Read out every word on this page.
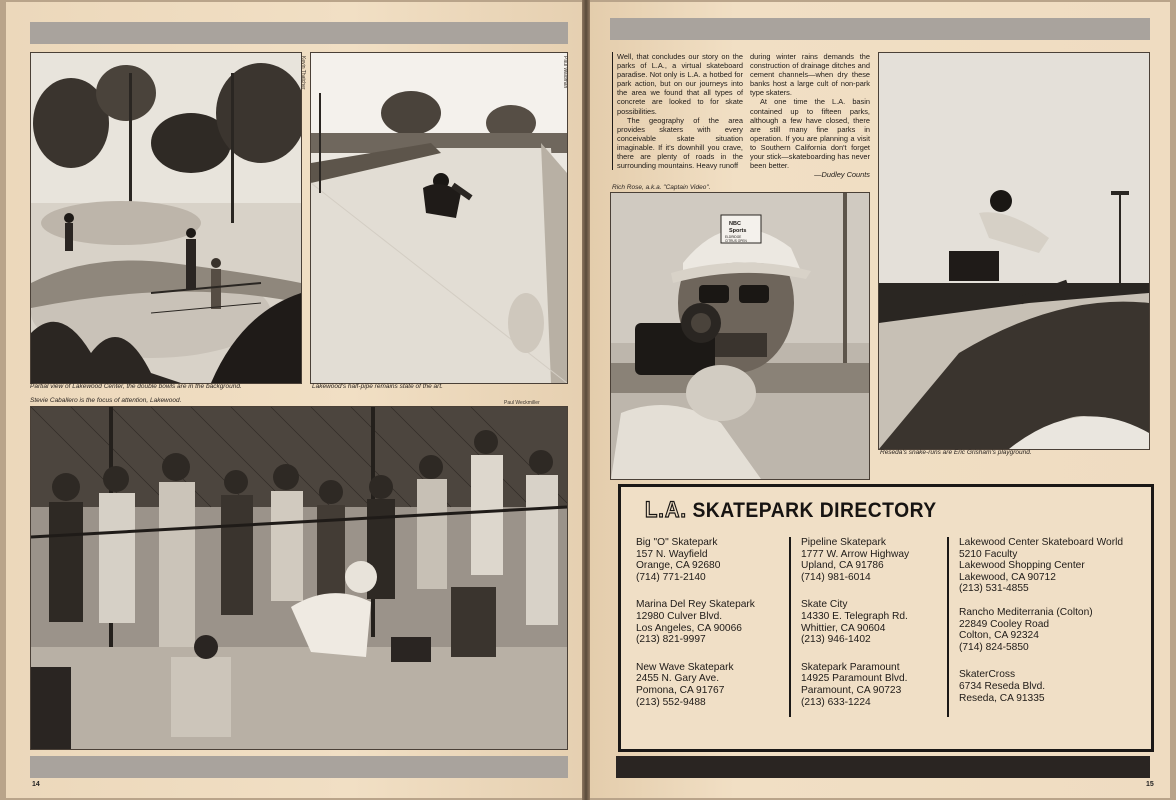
Kevin Thatcher
Partial view of Lakewood Center, the double bowls are in the background.
Paul Waldman
Lakewood's half-pipe remains state of the art.
Stevie Caballero is the focus of attention, Lakewood.	Paul Weckmiller
14

Well, that concludes our story on the parks of L.A., a virtual skateboard paradise. Not only is L.A. a hotbed for park action, but on our journeys into the area we found that all types of concrete are looked to for skate possibilities.

The geography of the area provides skaters with every conceivable skate situation imaginable. If it's downhill you crave, there are plenty of roads in the surrounding mountains. Heavy runoff

during winter rains demands the construction of drainage ditches and cement channels—when dry these banks host a large cult of non-park type skaters.

At one time the L.A. basin contained up to fifteen parks, although a few have closed, there are still many fine parks in operation. If you are planning a visit to Southern California don't forget your stick—skateboarding has never been better.

—Dudley Counts
Rich Rose, a.k.a. "Captain Video".
NBC
Sports
ELDRIDGE
CITRUS OPEN
Reseda's snake-runs are Eric Grisham's playground.
L.A. SKATEPARK DIRECTORY
Big "O" Skatepark
157 N. Wayfield
Orange, CA 92680
(714) 771-2140
Marina Del Rey Skatepark
12980 Culver Blvd.
Los Angeles, CA 90066
(213) 821-9997
New Wave Skatepark
2455 N. Gary Ave.
Pomona, CA 91767
(213) 552-9488
Pipeline Skatepark
1777 W. Arrow Highway
Upland, CA 91786
(714) 981-6014
Skate City
14330 E. Telegraph Rd.
Whittier, CA 90604
(213) 946-1402
Skatepark Paramount
14925 Paramount Blvd.
Paramount, CA 90723
(213) 633-1224
Lakewood Center Skateboard World
5210 Faculty
Lakewood Shopping Center
Lakewood, CA 90712
(213) 531-4855
Rancho Mediterrania (Colton)
22849 Cooley Road
Colton, CA 92324
(714) 824-5850
SkaterCross
6734 Reseda Blvd.
Reseda, CA 91335
15
